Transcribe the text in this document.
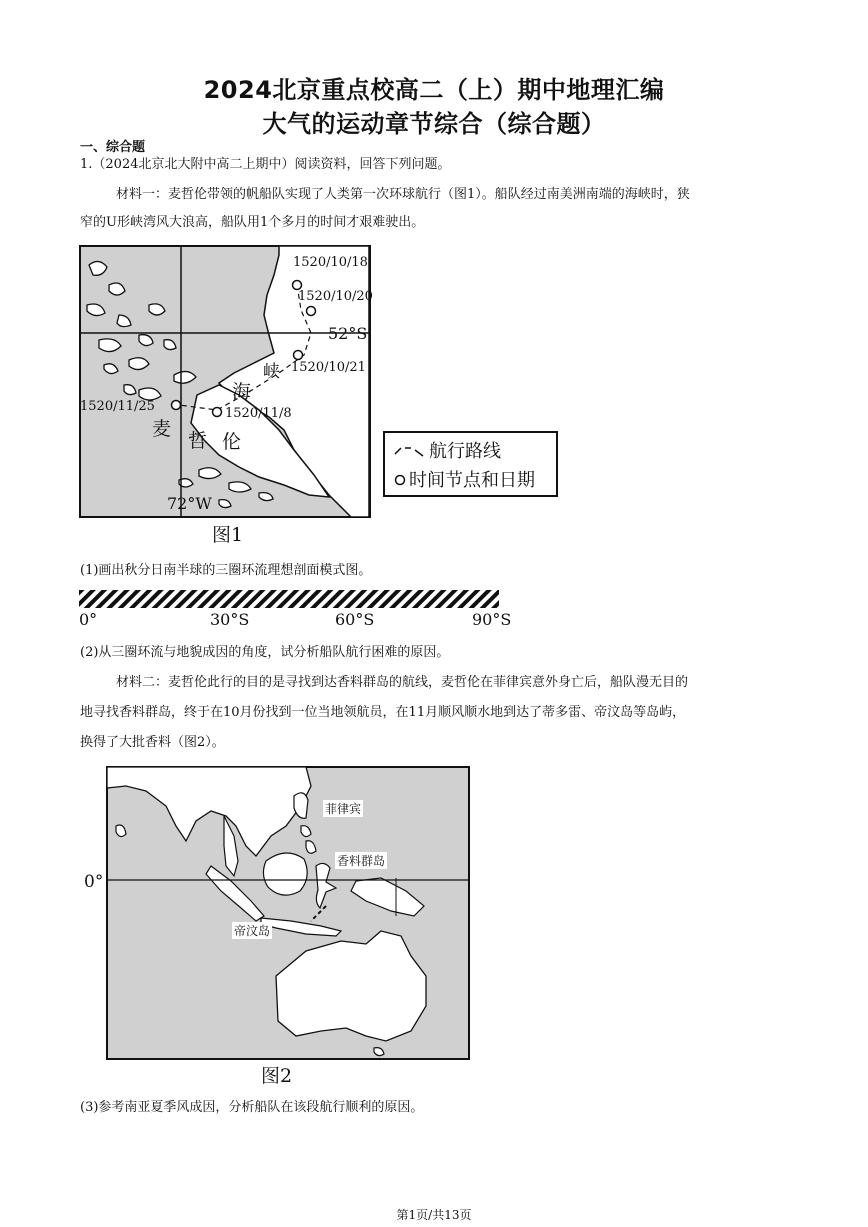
2024北京重点校高二（上）期中地理汇编
大气的运动章节综合（综合题）
一、综合题
1.（2024北京北大附中高二上期中）阅读资料，回答下列问题。
材料一：麦哲伦带领的帆船队实现了人类第一次环球航行（图1）。船队经过南美洲南端的海峡时，狭
窄的U形峡湾风大浪高，船队用1个多月的时间才艰难驶出。
1520/10/18
1520/10/20
52°S
1520/10/21
1520/11/8
1520/11/25
72°W
海
峡
麦
哲 伦
图1
航行路线
时间节点和日期
(1)画出秋分日南半球的三圈环流理想剖面模式图。
0°	30°S	60°S	90°S
(2)从三圈环流与地貌成因的角度，试分析船队航行困难的原因。
材料二：麦哲伦此行的目的是寻找到达香料群岛的航线，麦哲伦在菲律宾意外身亡后，船队漫无目的
地寻找香料群岛，终于在10月份找到一位当地领航员，在11月顺风顺水地到达了蒂多雷、帝汶岛等岛屿，
换得了大批香料（图2）。
0°
菲律宾
香料群岛
帝汶岛
图2
(3)参考南亚夏季风成因，分析船队在该段航行顺利的原因。
第1页/共13页
